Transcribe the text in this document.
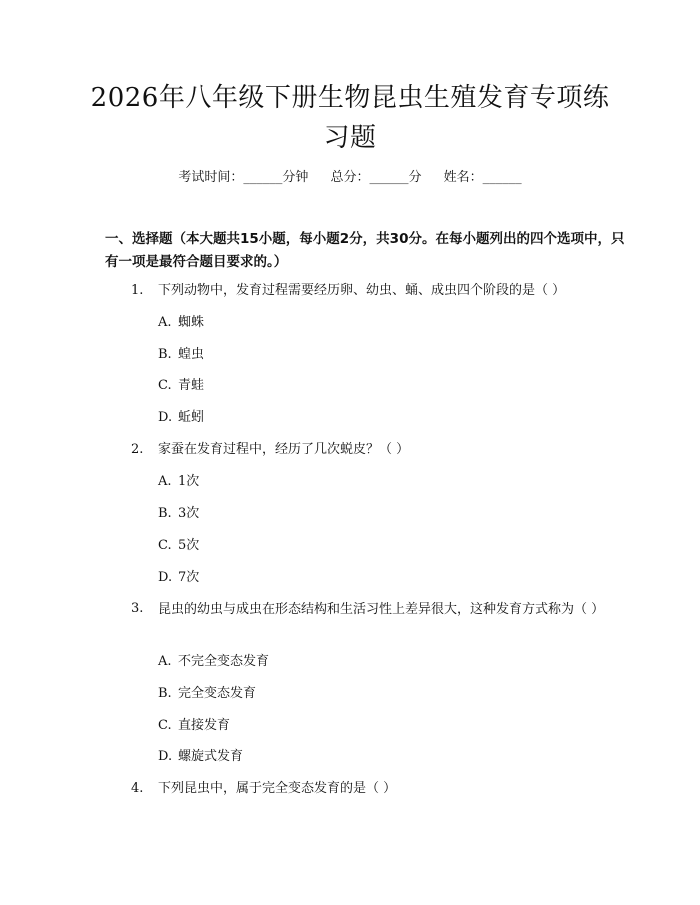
2026年八年级下册生物昆虫生殖发育专项练习题
考试时间：______分钟 总分：______分 姓名：______
一、选择题（本大题共15小题，每小题2分，共30分。在每小题列出的四个选项中，只有一项是最符合题目要求的。）
1. 下列动物中，发育过程需要经历卵、幼虫、蛹、成虫四个阶段的是（ ）
A. 蜘蛛
B. 蝗虫
C. 青蛙
D. 蚯蚓
2. 家蚕在发育过程中，经历了几次蜕皮？（ ）
A. 1次
B. 3次
C. 5次
D. 7次
3.	昆虫的幼虫与成虫在形态结构和生活习性上差异很大，这种发育方式称为（ ）
A. 不完全变态发育
B. 完全变态发育
C. 直接发育
D. 螺旋式发育
4. 下列昆虫中，属于完全变态发育的是（ ）
